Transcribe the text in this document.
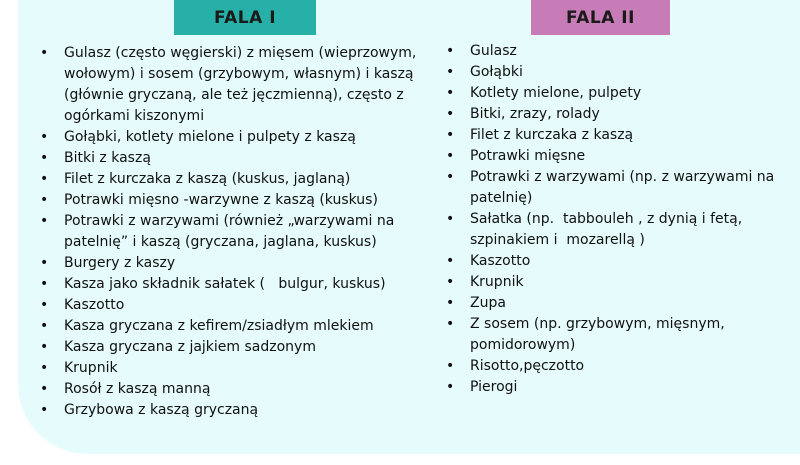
FALA I	FALA II
• Gulasz (często węgierski) z mięsem (wieprzowym, wołowym) i sosem (grzybowym, własnym) i kaszą (głównie gryczaną, ale też jęczmienną), często z ogórkami kiszonymi
• Gołąbki, kotlety mielone i pulpety z kaszą
• Bitki z kaszą
• Filet z kurczaka z kaszą (kuskus, jaglaną)
• Potrawki mięsno -warzywne z kaszą (kuskus)
• Potrawki z warzywami (również „warzywami na patelnię” i kaszą (gryczana, jaglana, kuskus)
• Burgery z kaszy
• Kasza jako składnik sałatek (   bulgur, kuskus)
• Kaszotto
• Kasza gryczana z kefirem/zsiadłym mlekiem
• Kasza gryczana z jajkiem sadzonym
• Krupnik
• Rosół z kaszą manną
• Grzybowa z kaszą gryczaną
• Gulasz
• Gołąbki
• Kotlety mielone, pulpety
• Bitki, zrazy, rolady
• Filet z kurczaka z kaszą
• Potrawki mięsne
• Potrawki z warzywami (np. z warzywami na patelnię)
• Sałatka (np.  tabbouleh , z dynią i fetą, szpinakiem i  mozarellą )
• Kaszotto
• Krupnik
• Zupa
• Z sosem (np. grzybowym, mięsnym, pomidorowym)
• Risotto,pęczotto
• Pierogi
